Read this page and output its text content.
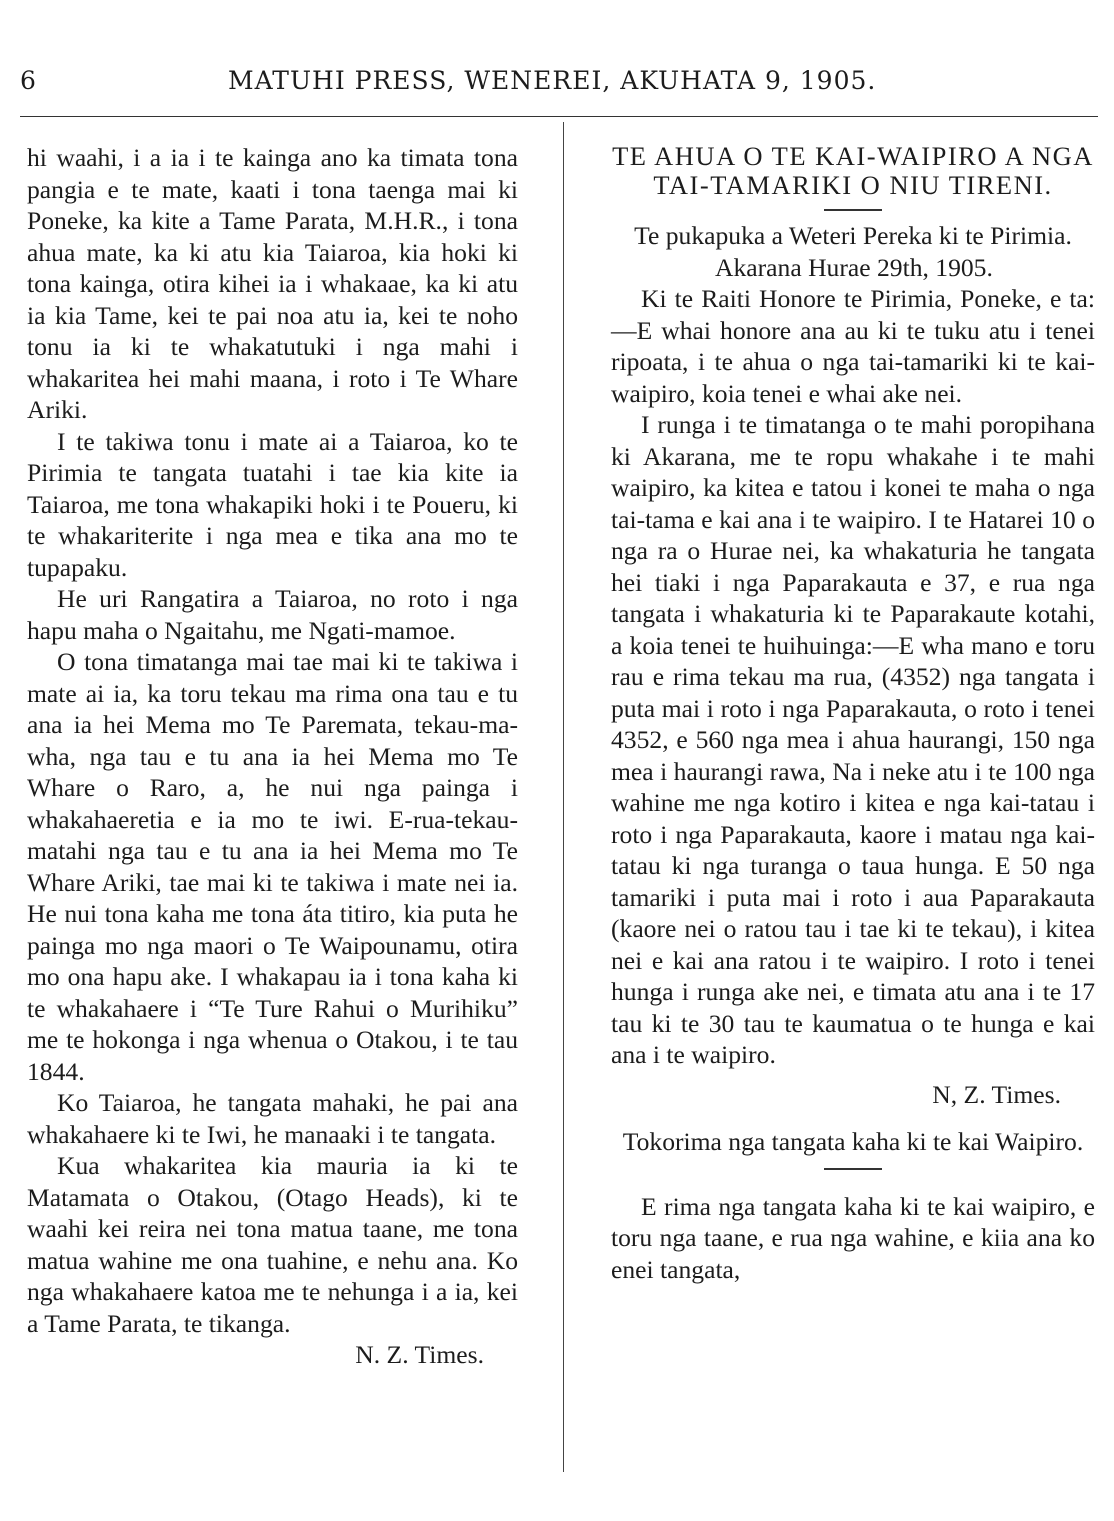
6	MATUHI PRESS, WENEREI, AKUHATA 9, 1905.

hi waahi, i a ia i te kainga ano ka timata tona pangia e te mate, kaati i tona taenga mai ki Poneke, ka kite a Tame Parata, M.H.R., i tona ahua mate, ka ki atu kia Taiaroa, kia hoki ki tona kainga, otira kihei ia i whakaae, ka ki atu ia kia Tame, kei te pai noa atu ia, kei te noho tonu ia ki te whakatutuki i nga mahi i whakaritea hei mahi maana, i roto i Te Whare Ariki.

I te takiwa tonu i mate ai a Taiaroa, ko te Pirimia te tangata tuatahi i tae kia kite ia Taiaroa, me tona whakapiki hoki i te Poueru, ki te whakariterite i nga mea e tika ana mo te tupapaku.

He uri Rangatira a Taiaroa, no roto i nga hapu maha o Ngaitahu, me Ngati-mamoe.

O tona timatanga mai tae mai ki te takiwa i mate ai ia, ka toru tekau ma rima ona tau e tu ana ia hei Mema mo Te Paremata, tekau-ma-wha, nga tau e tu ana ia hei Mema mo Te Whare o Raro, a, he nui nga painga i whakahaeretia e ia mo te iwi. E-rua-tekau-matahi nga tau e tu ana ia hei Mema mo Te Whare Ariki, tae mai ki te takiwa i mate nei ia. He nui tona kaha me tona áta titiro, kia puta he painga mo nga maori o Te Waipounamu, otira mo ona hapu ake. I whakapau ia i tona kaha ki te whakahaere i “Te Ture Rahui o Murihiku” me te hokonga i nga whenua o Otakou, i te tau 1844.

Ko Taiaroa, he tangata mahaki, he pai ana whakahaere ki te Iwi, he manaaki i te tangata.

Kua whakaritea kia mauria ia ki te Matamata o Otakou, (Otago Heads), ki te waahi kei reira nei tona matua taane, me tona matua wahine me ona tuahine, e nehu ana. Ko nga whakahaere katoa me te nehunga i a ia, kei a Tame Parata, te tikanga.

N. Z. Times.

TE AHUA O TE KAI-WAIPIRO A NGA TAI-TAMARIKI O NIU TIRENI.

Te pukapuka a Weteri Pereka ki te Pirimia.

Akarana Hurae 29th, 1905.

Ki te Raiti Honore te Pirimia, Poneke, e ta:—E whai honore ana au ki te tuku atu i tenei ripoata, i te ahua o nga tai-tamariki ki te kai-waipiro, koia tenei e whai ake nei.

I runga i te timatanga o te mahi poropihana ki Akarana, me te ropu whakahe i te mahi waipiro, ka kitea e tatou i konei te maha o nga tai-tama e kai ana i te waipiro. I te Hatarei 10 o nga ra o Hurae nei, ka whakaturia he tangata hei tiaki i nga Paparakauta e 37, e rua nga tangata i whakaturia ki te Paparakaute kotahi, a koia tenei te huihuinga:—E wha mano e toru rau e rima tekau ma rua, (4352) nga tangata i puta mai i roto i nga Paparakauta, o roto i tenei 4352, e 560 nga mea i ahua haurangi, 150 nga mea i haurangi rawa, Na i neke atu i te 100 nga wahine me nga kotiro i kitea e nga kai-tatau i roto i nga Paparakauta, kaore i matau nga kai-tatau ki nga turanga o taua hunga. E 50 nga tamariki i puta mai i roto i aua Paparakauta (kaore nei o ratou tau i tae ki te tekau), i kitea nei e kai ana ratou i te waipiro. I roto i tenei hunga i runga ake nei, e timata atu ana i te 17 tau ki te 30 tau te kaumatua o te hunga e kai ana i te waipiro.

N, Z. Times.

Tokorima nga tangata kaha ki te kai Waipiro.

E rima nga tangata kaha ki te kai waipiro, e toru nga taane, e rua nga wahine, e kiia ana ko enei tangata,
